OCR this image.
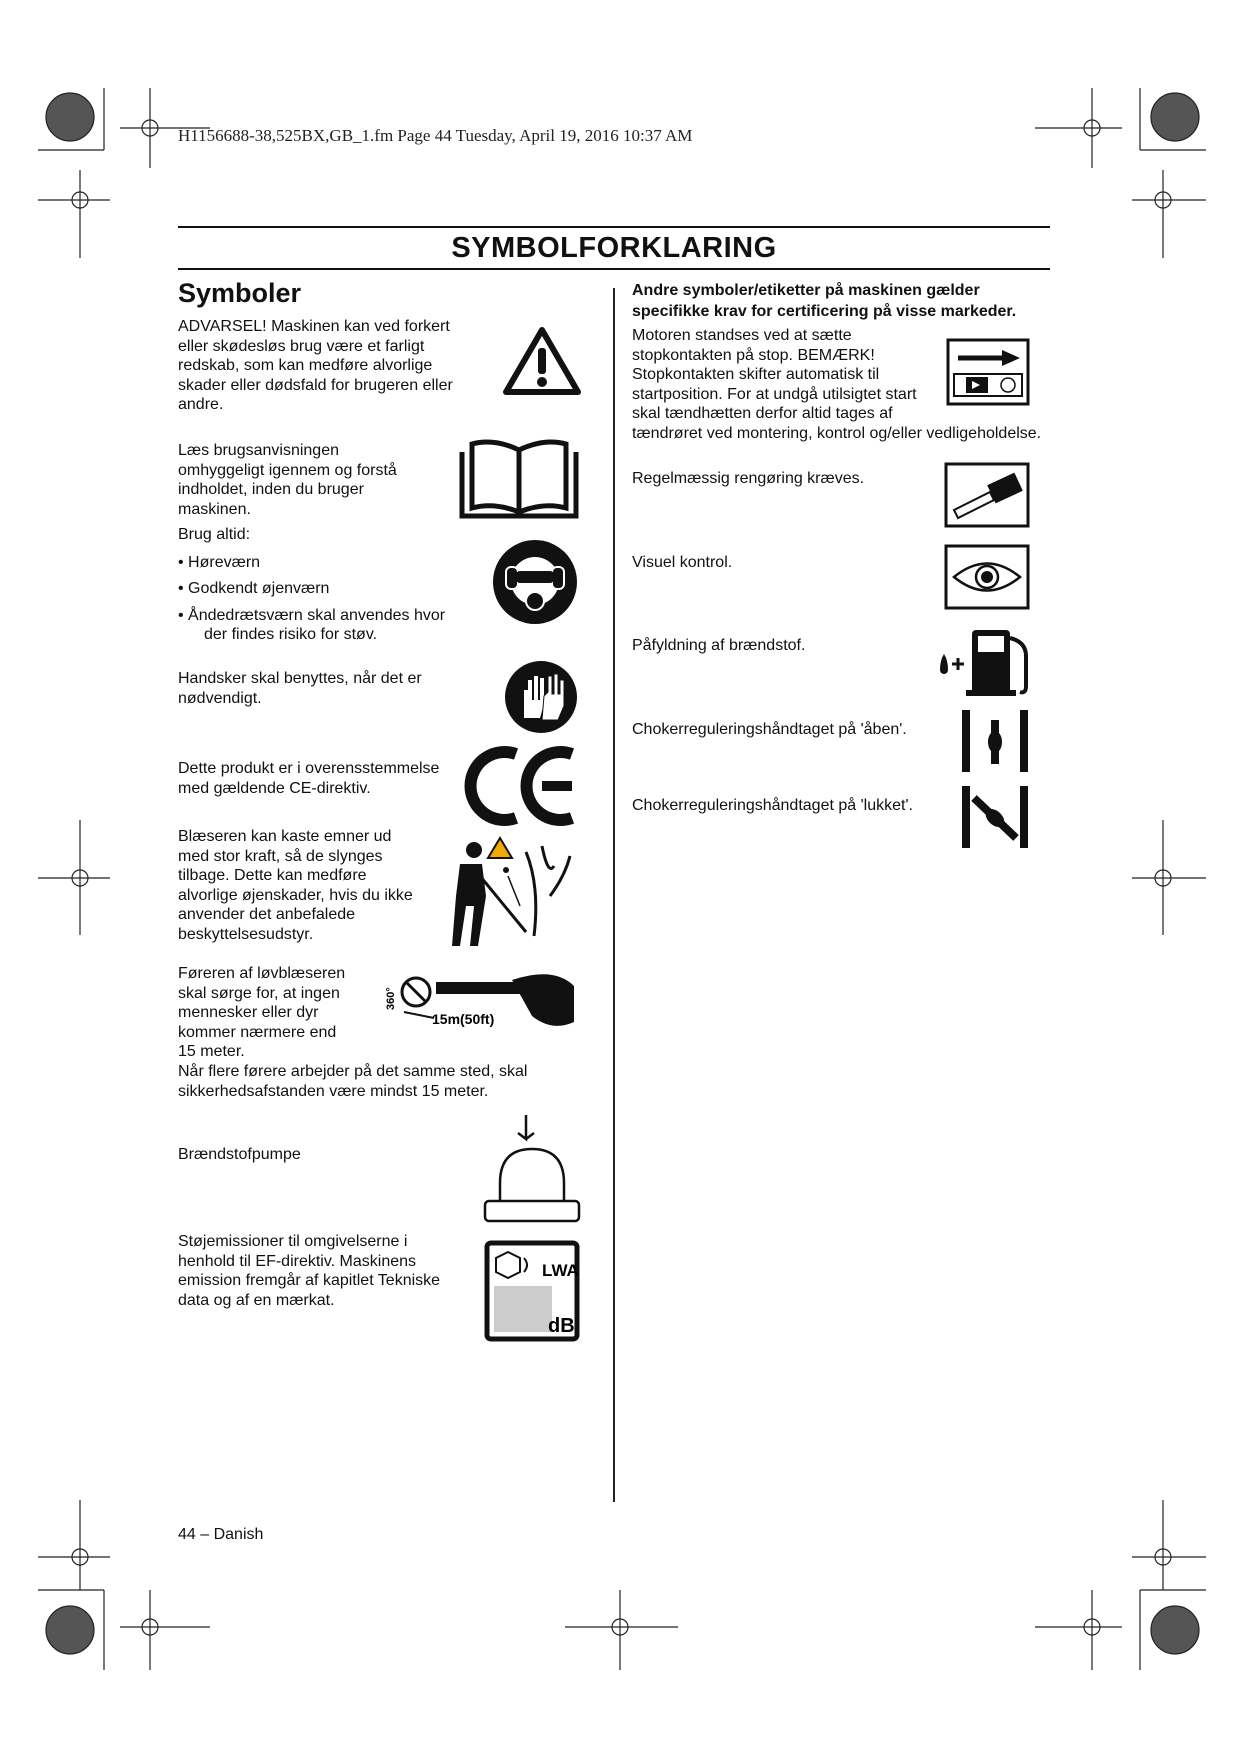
H1156688-38,525BX,GB_1.fm Page 44 Tuesday, April 19, 2016 10:37 AM
SYMBOLFORKLARING
Symboler
ADVARSEL! Maskinen kan ved forkert
eller skødesløs brug være et farligt
redskab, som kan medføre alvorlige
skader eller dødsfald for brugeren eller
andre.
Læs brugsanvisningen
omhyggeligt igennem og forstå
indholdet, inden du bruger
maskinen.
Brug altid:
• Høreværn
• Godkendt øjenværn
• Åndedrætsværn skal anvendes hvor
der findes risiko for støv.
Handsker skal benyttes, når det er
nødvendigt.
Dette produkt er i overensstemmelse
med gældende CE-direktiv.
Blæseren kan kaste emner ud
med stor kraft, så de slynges
tilbage. Dette kan medføre
alvorlige øjenskader, hvis du ikke
anvender det anbefalede
beskyttelsesudstyr.
Føreren af løvblæseren
skal sørge for, at ingen
mennesker eller dyr
kommer nærmere end
15 meter.
Når flere førere arbejder på det samme sted, skal
sikkerhedsafstanden være mindst 15 meter.
360°
15m(50ft)
Brændstofpumpe
Støjemissioner til omgivelserne i
henhold til EF-direktiv. Maskinens
emission fremgår af kapitlet Tekniske
data og af en mærkat.
LWA
dB
Andre symboler/etiketter på maskinen gælder
specifikke krav for certificering på visse markeder.
Motoren standses ved at sætte
stopkontakten på stop. BEMÆRK!
Stopkontakten skifter automatisk til
startposition. For at undgå utilsigtet start
skal tændhætten derfor altid tages af
tændrøret ved montering, kontrol og/eller vedligeholdelse.
Regelmæssig rengøring kræves.
Visuel kontrol.
Påfyldning af brændstof.
Chokerreguleringshåndtaget på 'åben'.
Chokerreguleringshåndtaget på 'lukket'.
44 – Danish
